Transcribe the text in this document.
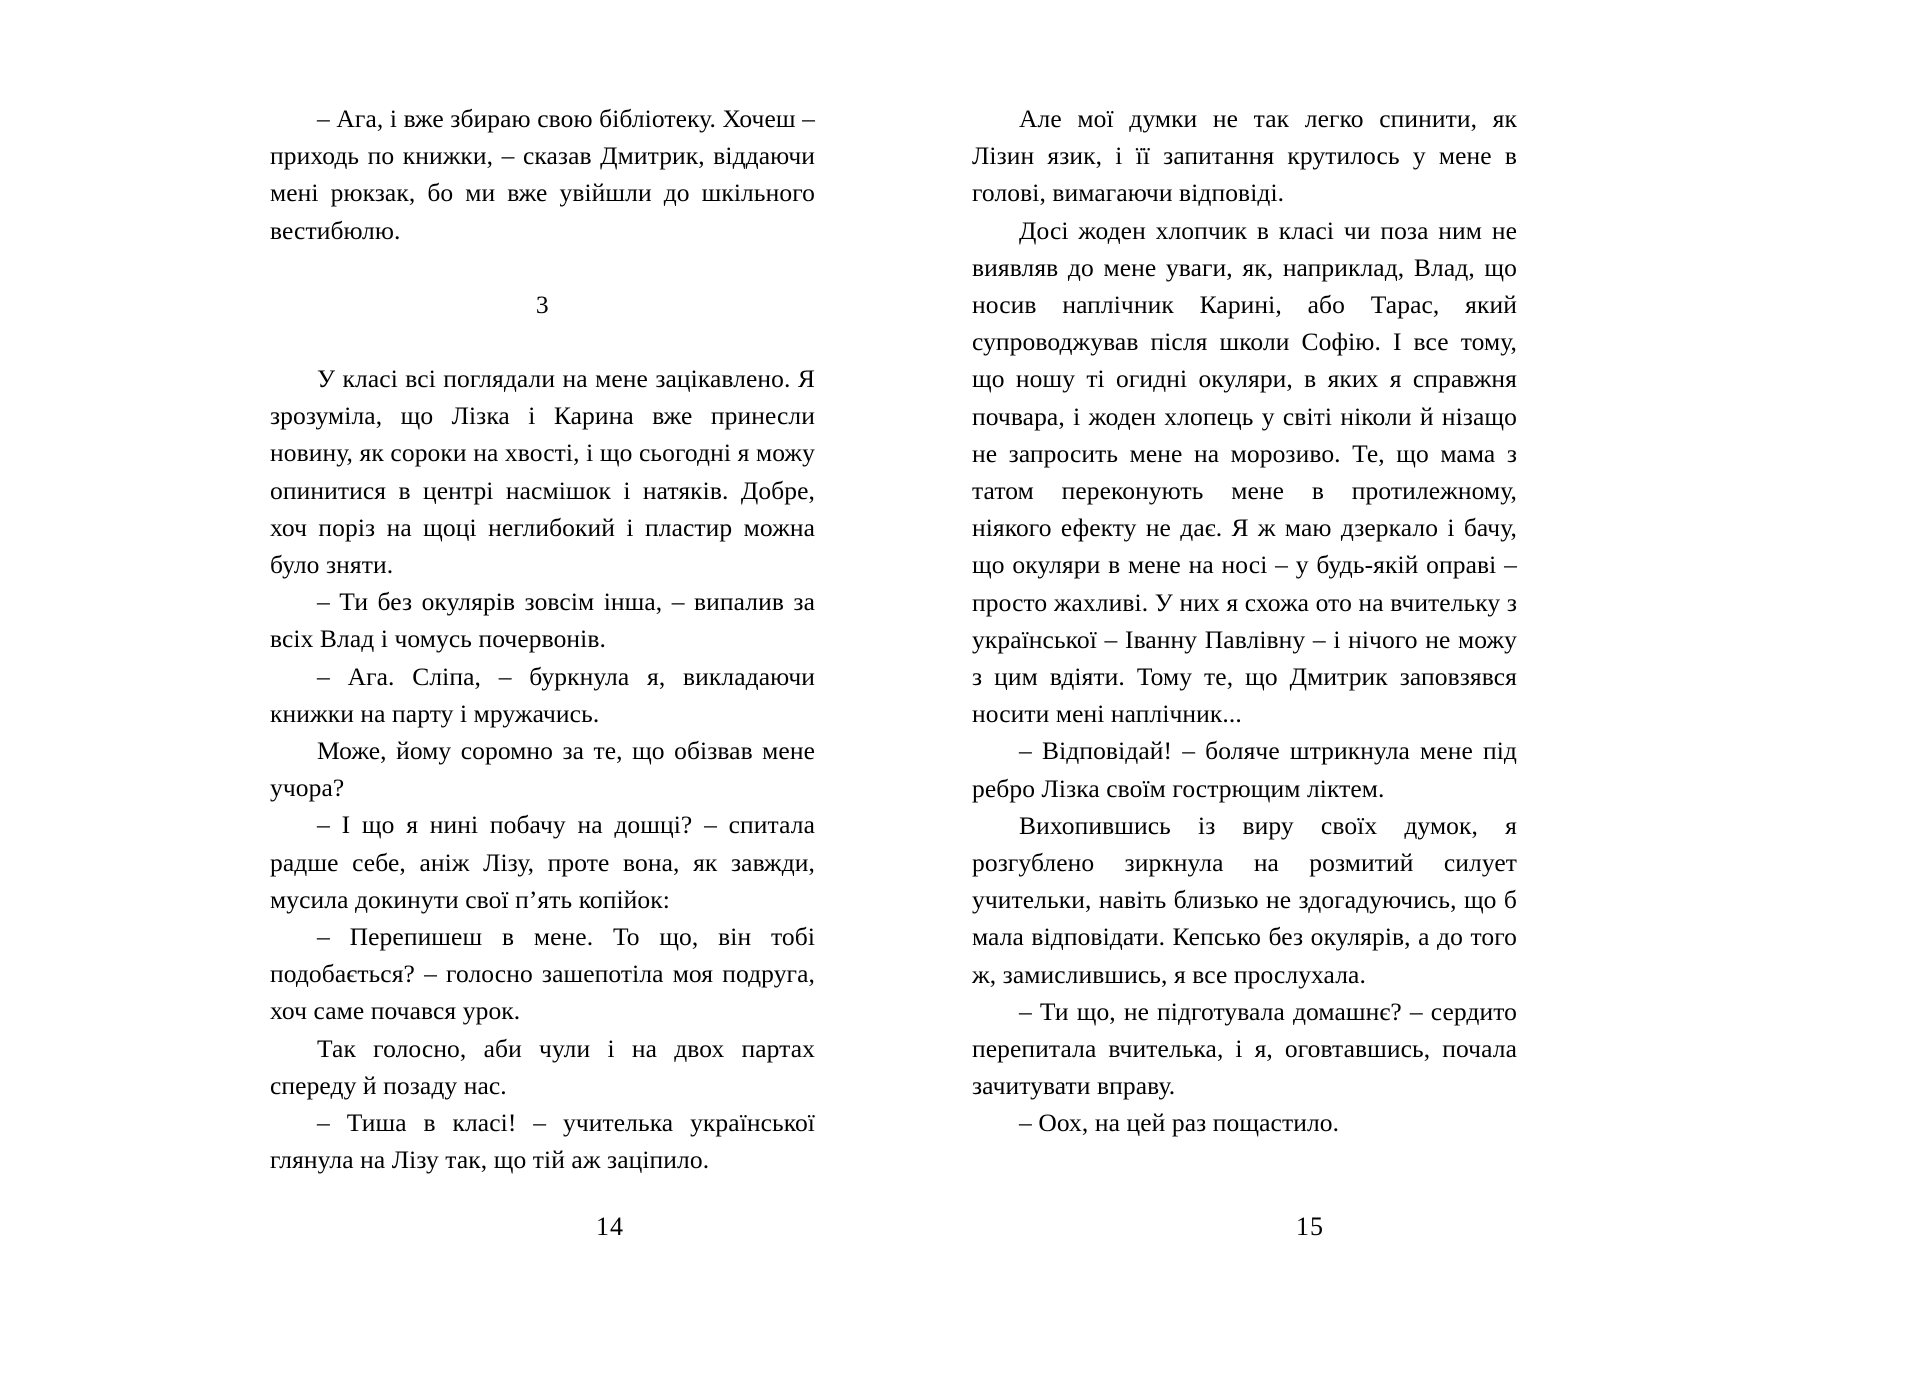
– Ага, і вже збираю свою бібліотеку. Хочеш – приходь по книжки, – сказав Дмитрик, віддаючи мені рюкзак, бо ми вже увійшли до шкільного вестибюлю.

3

У класі всі поглядали на мене зацікавлено. Я зрозуміла, що Лізка і Карина вже принесли новину, як сороки на хвості, і що сьогодні я можу опинитися в центрі насмішок і натяків. Добре, хоч поріз на щоці неглибокий і пластир можна було зняти.

– Ти без окулярів зовсім інша, – випалив за всіх Влад і чомусь почервонів.

– Ага. Сліпа, – буркнула я, викладаючи книжки на парту і мружачись.

Може, йому соромно за те, що обізвав мене учора?

– І що я нині побачу на дошці? – спитала радше себе, аніж Лізу, проте вона, як завжди, мусила докинути свої п’ять копійок:

– Перепишеш в мене. То що, він тобі подобається? – голосно зашепотіла моя подруга, хоч саме почався урок.

Так голосно, аби чули і на двох партах спереду й позаду нас.

– Тиша в класі! – учителька української глянула на Лізу так, що тій аж заціпило.

14

Але мої думки не так легко спинити, як Лізин язик, і її запитання крутилось у мене в голові, вимагаючи відповіді.

Досі жоден хлопчик в класі чи поза ним не виявляв до мене уваги, як, наприклад, Влад, що носив наплічник Карині, або Тарас, який супроводжував після школи Софію. І все тому, що ношу ті огидні окуляри, в яких я справжня почвара, і жоден хлопець у світі ніколи й нізащо не запросить мене на морозиво. Те, що мама з татом переконують мене в протилежному, ніякого ефекту не дає. Я ж маю дзеркало і бачу, що окуляри в мене на носі – у будь-якій оправі – просто жахливі. У них я схожа ото на вчительку з української – Іванну Павлівну – і нічого не можу з цим вдіяти. Тому те, що Дмитрик заповзявся носити мені наплічник...

– Відповідай! – боляче штрикнула мене під ребро Лізка своїм гострющим ліктем.

Вихопившись із виру своїх думок, я розгублено зиркнула на розмитий силует учительки, навіть близько не здогадуючись, що б мала відповідати. Кепсько без окулярів, а до того ж, замислившись, я все прослухала.

– Ти що, не підготувала домашнє? – сердито перепитала вчителька, і я, оговтавшись, почала зачитувати вправу.

– Оох, на цей раз пощастило.

15
